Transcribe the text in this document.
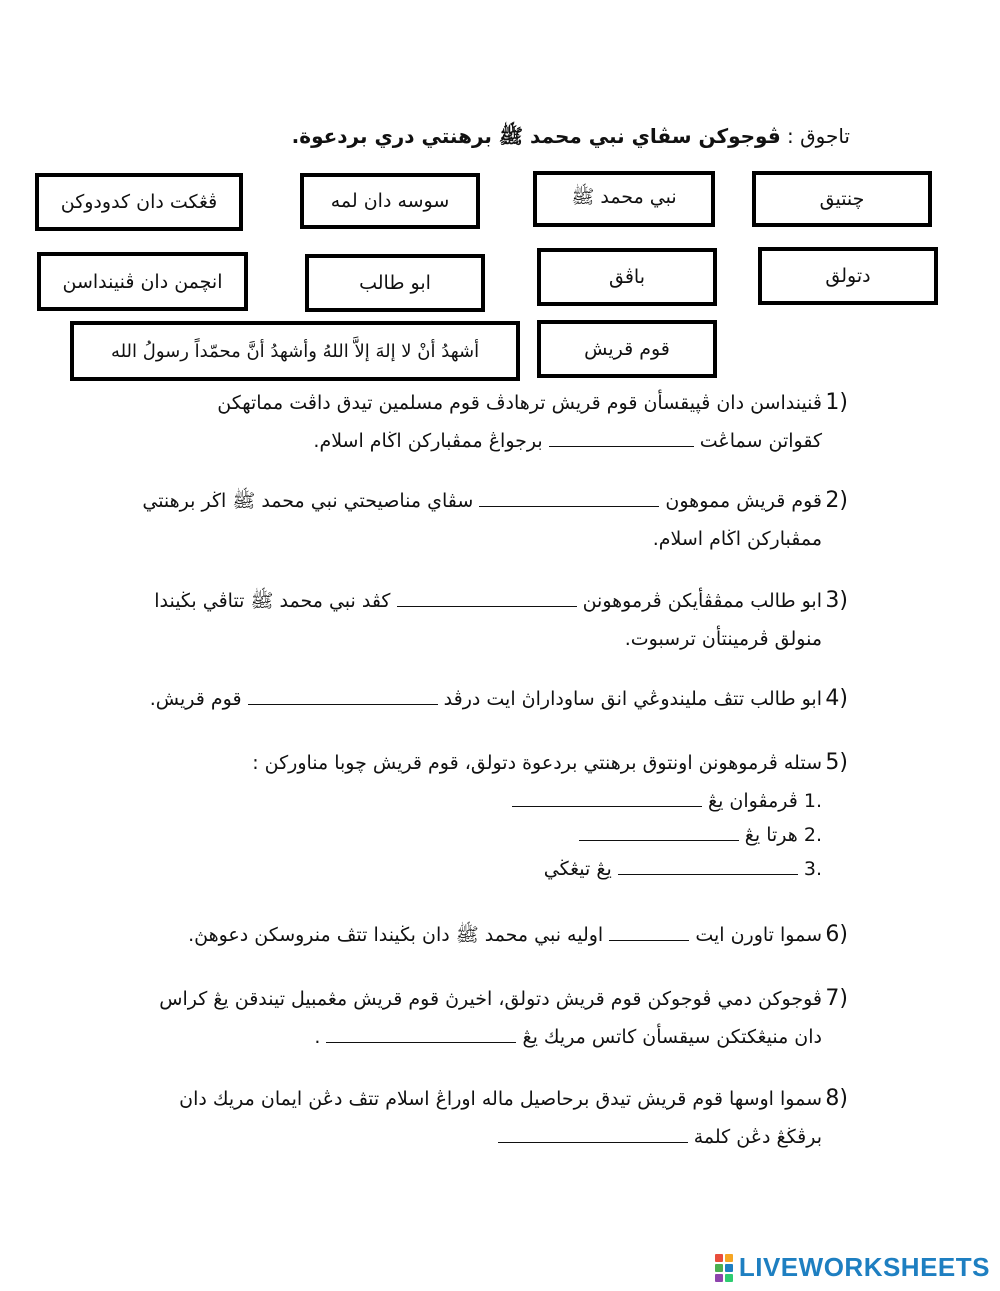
تاجوق : ڤوجوكن سڤاي نبي محمد ﷺ برهنتي دري بردعوة.
چنتيق
نبي محمد ﷺ
سوسه دان لمه
ڤڠكت دان كدودوكن
دتولق
باڤق
ابو طالب
انچمن دان ڤنينداسن
قوم قريش
أشهدُ أنْ لا إلهَ إلاَّ اللهُ وأشهدُ أنَّ محمّداً رسولُ الله
1)
ڤنينداسن دان ڤپيقسأن قوم قريش ترهادڤ قوم مسلمين تيدق داڤت مماتهكن
كقواتن سماڠت  برجواڠ ممڤباركن اڬام اسلام.
2)
قوم قريش مموهون  سڤاي مناصيحتي نبي محمد ﷺ اڬر برهنتي
ممڤباركن اڬام اسلام.
3)
ابو طالب ممڤڤأيكن ڤرموهونن  كڤد نبي محمد ﷺ تتاڤي بڬيندا
منولق ڤرمينتأن ترسبوت.
4)
ابو طالب تتڤ مليندوڠي انق ساوداراڽ ايت درڤد  قوم قريش.
5)
ستله ڤرموهونن اونتوق برهنتي بردعوة دتولق، قوم قريش چوبا مناوركن :
1. ڤرمڤوان يڠ
2. هرتا يڠ
3.  يڠ تيڠڬي
6)
سموا تاورن ايت  اوليه نبي محمد ﷺ دان بڬيندا تتڤ منروسكن دعوهڽ.
7)
ڤوجوكن دمي ڤوجوكن قوم قريش دتولق، اخيرڽ قوم قريش مڠمبيل تيندقن يڠ كراس
دان منيڠكتكن سيقسأن كاتس مريك يڠ  .
8)
سموا اوسها قوم قريش تيدق برحاصيل ماله اوراڠ اسلام تتڤ دڠن ايمان مريك دان
برڤڬڠ دڠن كلمة
LIVEWORKSHEETS
